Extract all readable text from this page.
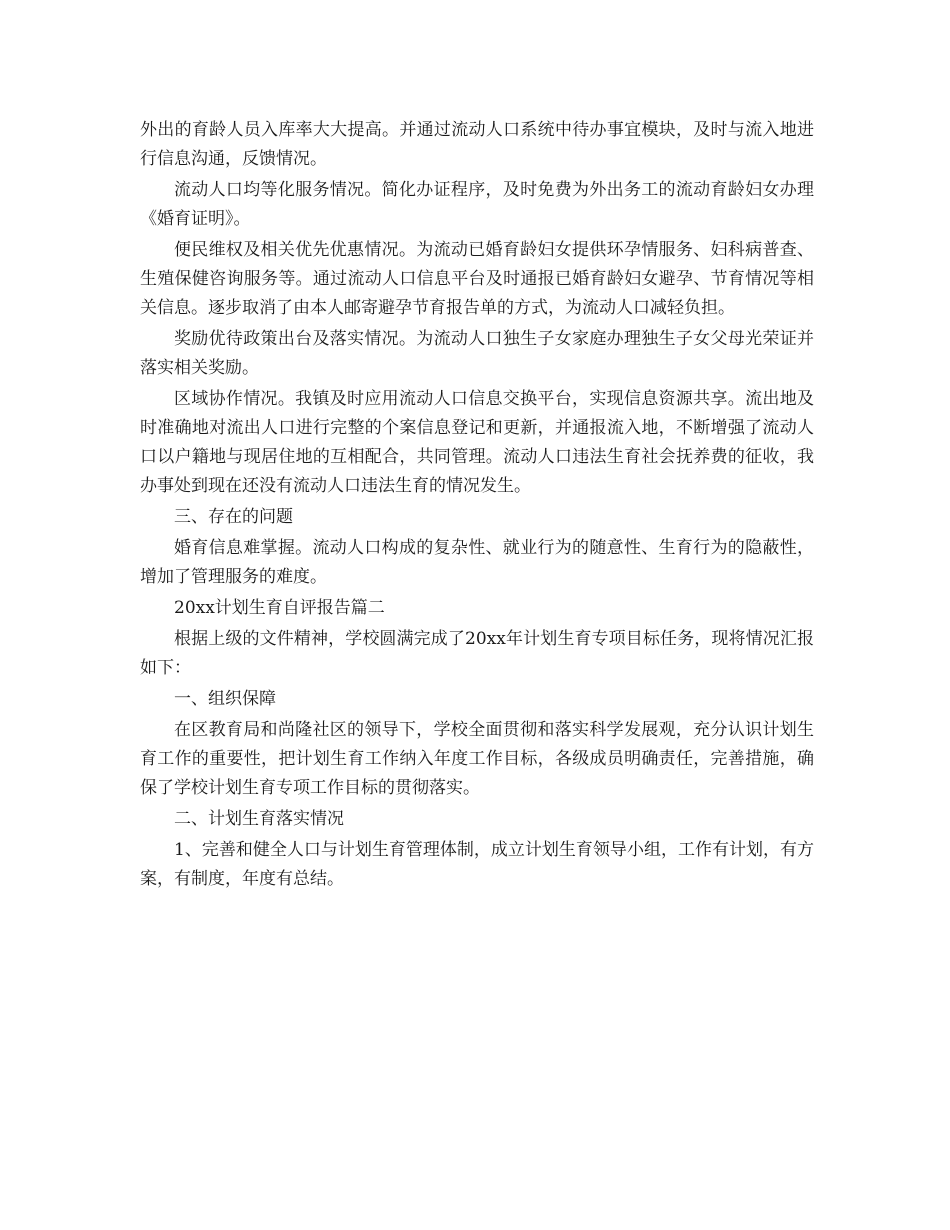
外出的育龄人员入库率大大提高。并通过流动人口系统中待办事宜模块，及时与流入地进行信息沟通，反馈情况。

流动人口均等化服务情况。简化办证程序，及时免费为外出务工的流动育龄妇女办理《婚育证明》。

便民维权及相关优先优惠情况。为流动已婚育龄妇女提供环孕情服务、妇科病普查、生殖保健咨询服务等。通过流动人口信息平台及时通报已婚育龄妇女避孕、节育情况等相关信息。逐步取消了由本人邮寄避孕节育报告单的方式，为流动人口减轻负担。

奖励优待政策出台及落实情况。为流动人口独生子女家庭办理独生子女父母光荣证并落实相关奖励。

区域协作情况。我镇及时应用流动人口信息交换平台，实现信息资源共享。流出地及时准确地对流出人口进行完整的个案信息登记和更新，并通报流入地，不断增强了流动人口以户籍地与现居住地的互相配合，共同管理。流动人口违法生育社会抚养费的征收，我办事处到现在还没有流动人口违法生育的情况发生。

三、存在的问题

婚育信息难掌握。流动人口构成的复杂性、就业行为的随意性、生育行为的隐蔽性，增加了管理服务的难度。

20xx计划生育自评报告篇二

根据上级的文件精神，学校圆满完成了20xx年计划生育专项目标任务，现将情况汇报如下：

一、组织保障

在区教育局和尚隆社区的领导下，学校全面贯彻和落实科学发展观，充分认识计划生育工作的重要性，把计划生育工作纳入年度工作目标，各级成员明确责任，完善措施，确保了学校计划生育专项工作目标的贯彻落实。

二、计划生育落实情况

1、完善和健全人口与计划生育管理体制，成立计划生育领导小组，工作有计划，有方案，有制度，年度有总结。
